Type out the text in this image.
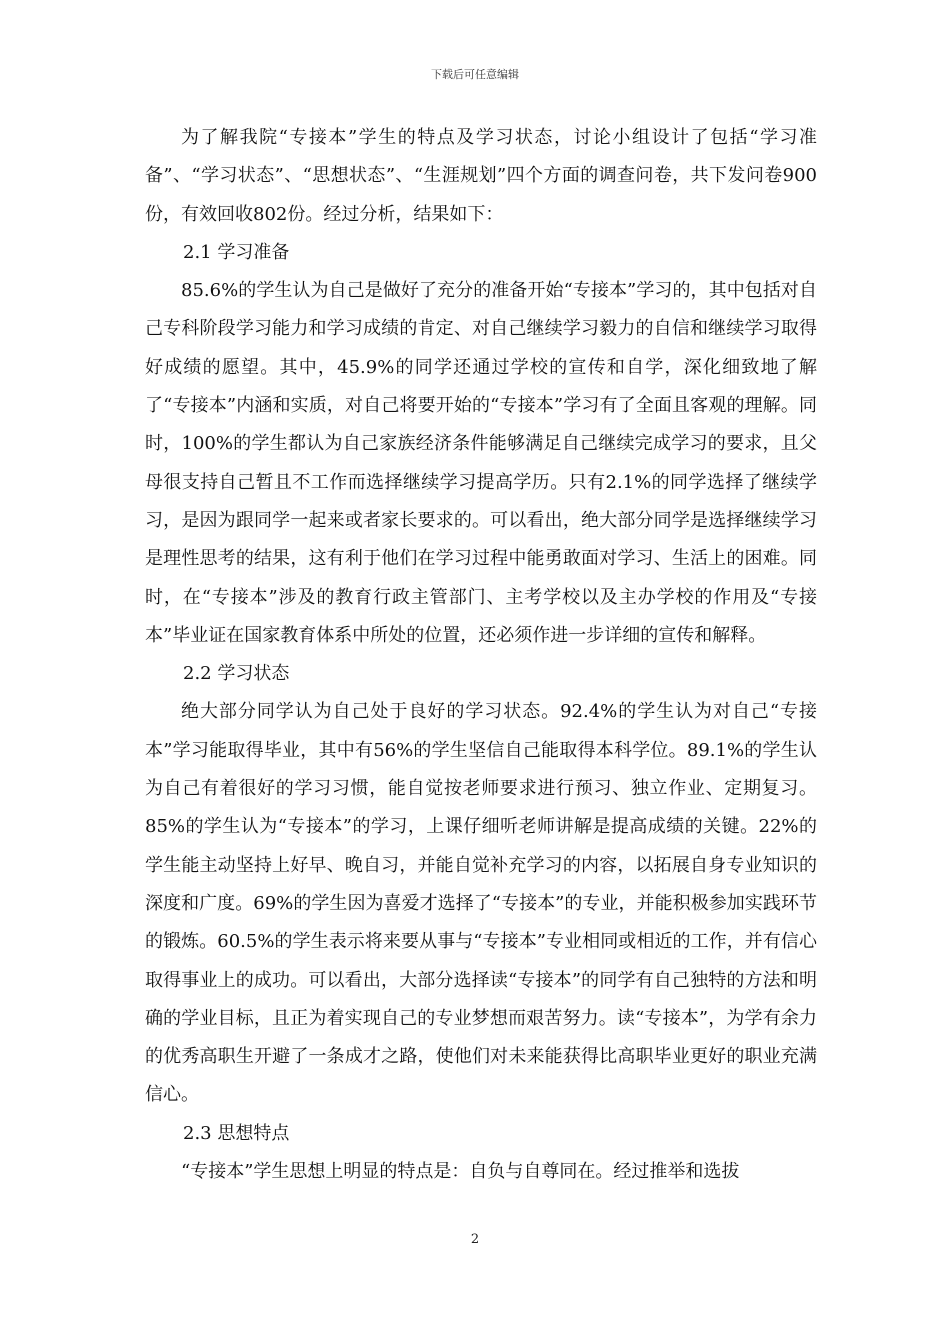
下载后可任意编辑

为了解我院“专接本”学生的特点及学习状态，讨论小组设计了包括“学习准备”、“学习状态”、“思想状态”、“生涯规划”四个方面的调查问卷，共下发问卷900份，有效回收802份。经过分析，结果如下：

2.1 学习准备

85.6%的学生认为自己是做好了充分的准备开始“专接本”学习的，其中包括对自己专科阶段学习能力和学习成绩的肯定、对自己继续学习毅力的自信和继续学习取得好成绩的愿望。其中，45.9%的同学还通过学校的宣传和自学，深化细致地了解了“专接本”内涵和实质，对自己将要开始的“专接本”学习有了全面且客观的理解。同时，100%的学生都认为自己家族经济条件能够满足自己继续完成学习的要求，且父母很支持自己暂且不工作而选择继续学习提高学历。只有2.1%的同学选择了继续学习，是因为跟同学一起来或者家长要求的。可以看出，绝大部分同学是选择继续学习是理性思考的结果，这有利于他们在学习过程中能勇敢面对学习、生活上的困难。同时，在“专接本”涉及的教育行政主管部门、主考学校以及主办学校的作用及“专接本”毕业证在国家教育体系中所处的位置，还必须作进一步详细的宣传和解释。

2.2 学习状态

绝大部分同学认为自己处于良好的学习状态。92.4%的学生认为对自己“专接本”学习能取得毕业，其中有56%的学生坚信自己能取得本科学位。89.1%的学生认为自己有着很好的学习习惯，能自觉按老师要求进行预习、独立作业、定期复习。85%的学生认为“专接本”的学习，上课仔细听老师讲解是提高成绩的关键。22%的学生能主动坚持上好早、晚自习，并能自觉补充学习的内容，以拓展自身专业知识的深度和广度。69%的学生因为喜爱才选择了“专接本”的专业，并能积极参加实践环节的锻炼。60.5%的学生表示将来要从事与“专接本”专业相同或相近的工作，并有信心取得事业上的成功。可以看出，大部分选择读“专接本”的同学有自己独特的方法和明确的学业目标，且正为着实现自己的专业梦想而艰苦努力。读“专接本”，为学有余力的优秀高职生开避了一条成才之路，使他们对未来能获得比高职毕业更好的职业充满信心。

2.3 思想特点

“专接本”学生思想上明显的特点是：自负与自尊同在。经过推举和选拔

2
